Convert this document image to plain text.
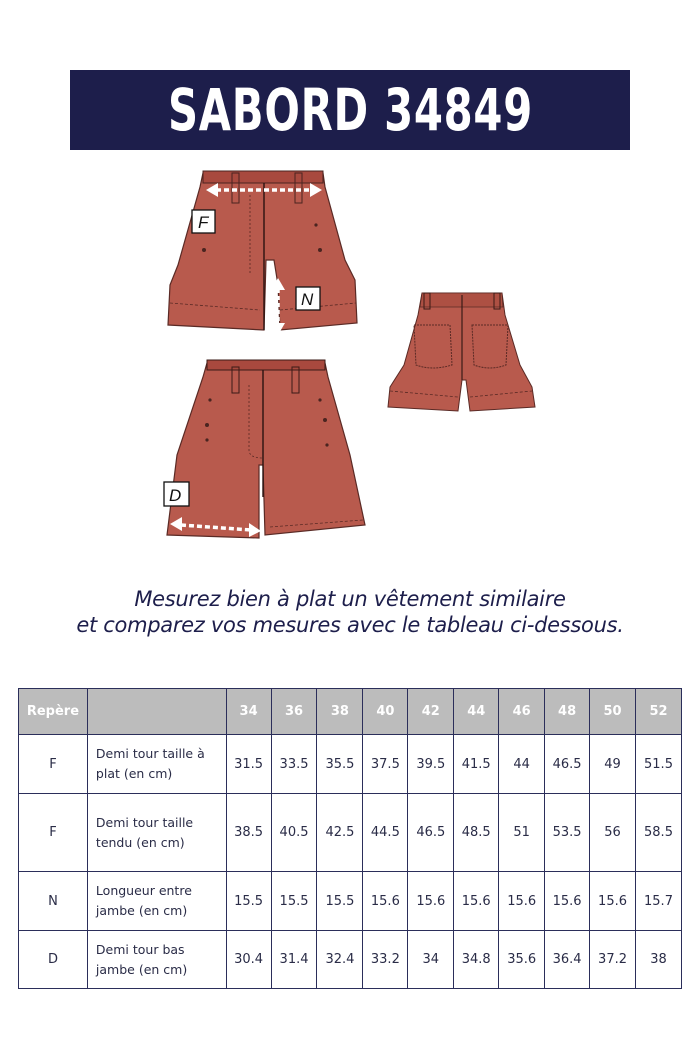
SABORD 34849
F
N
D
Mesurez bien à plat un vêtement similaire
et comparez vos mesures avec le tableau ci-dessous.
Repère		34	36	38	40	42	44	46	48	50	52
F	Demi tour taille à
plat (en cm)	31.5	33.5	35.5	37.5	39.5	41.5	44	46.5	49	51.5
F	Demi tour taille
tendu (en cm)	38.5	40.5	42.5	44.5	46.5	48.5	51	53.5	56	58.5
N	Longueur entre
jambe (en cm)	15.5	15.5	15.5	15.6	15.6	15.6	15.6	15.6	15.6	15.7
D	Demi tour bas
jambe (en cm)	30.4	31.4	32.4	33.2	34	34.8	35.6	36.4	37.2	38
